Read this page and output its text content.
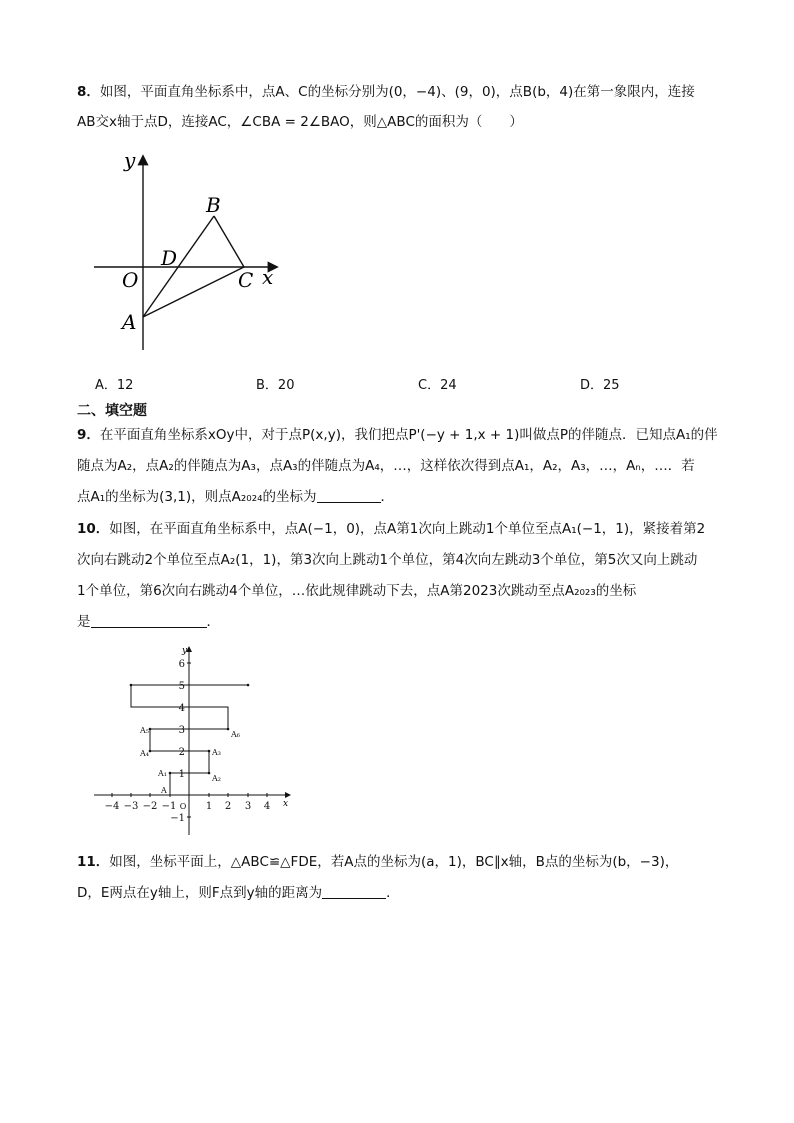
8．如图，平面直角坐标系中，点A、C的坐标分别为(0，−4)、(9，0)，点B(b，4)在第一象限内，连接
AB交x轴于点D，连接AC，∠CBA = 2∠BAO，则△ABC的面积为（　　）
y
x
O
A
B
C
D
A．12	B．20	C．24	D．25
二、填空题
9．在平面直角坐标系xOy中，对于点P(x,y)，我们把点P'(−y + 1,x + 1)叫做点P的伴随点．已知点A₁的伴
随点为A₂，点A₂的伴随点为A₃，点A₃的伴随点为A₄，…，这样依次得到点A₁，A₂，A₃，…，Aₙ，…．若
点A₁的坐标为(3,1)，则点A₂₀₂₄的坐标为	．
10．如图，在平面直角坐标系中，点A(−1，0)，点A第1次向上跳动1个单位至点A₁(−1，1)，紧接着第2
次向右跳动2个单位至点A₂(1，1)，第3次向上跳动1个单位，第4次向左跳动3个单位，第5次又向上跳动
1个单位，第6次向右跳动4个单位，…依此规律跳动下去，点A第2023次跳动至点A₂₀₂₃的坐标
是	．
y
x
−4 −3 −2 −1 O 1 2 3 4
6
5
4
3
2
1
−1
A
A₁
A₂
A₃
A₄
A₅	A₆
11．如图，坐标平面上，△ABC≌△FDE，若A点的坐标为(a，1)，BC∥x轴，B点的坐标为(b，−3)，
D，E两点在y轴上，则F点到y轴的距离为	．
